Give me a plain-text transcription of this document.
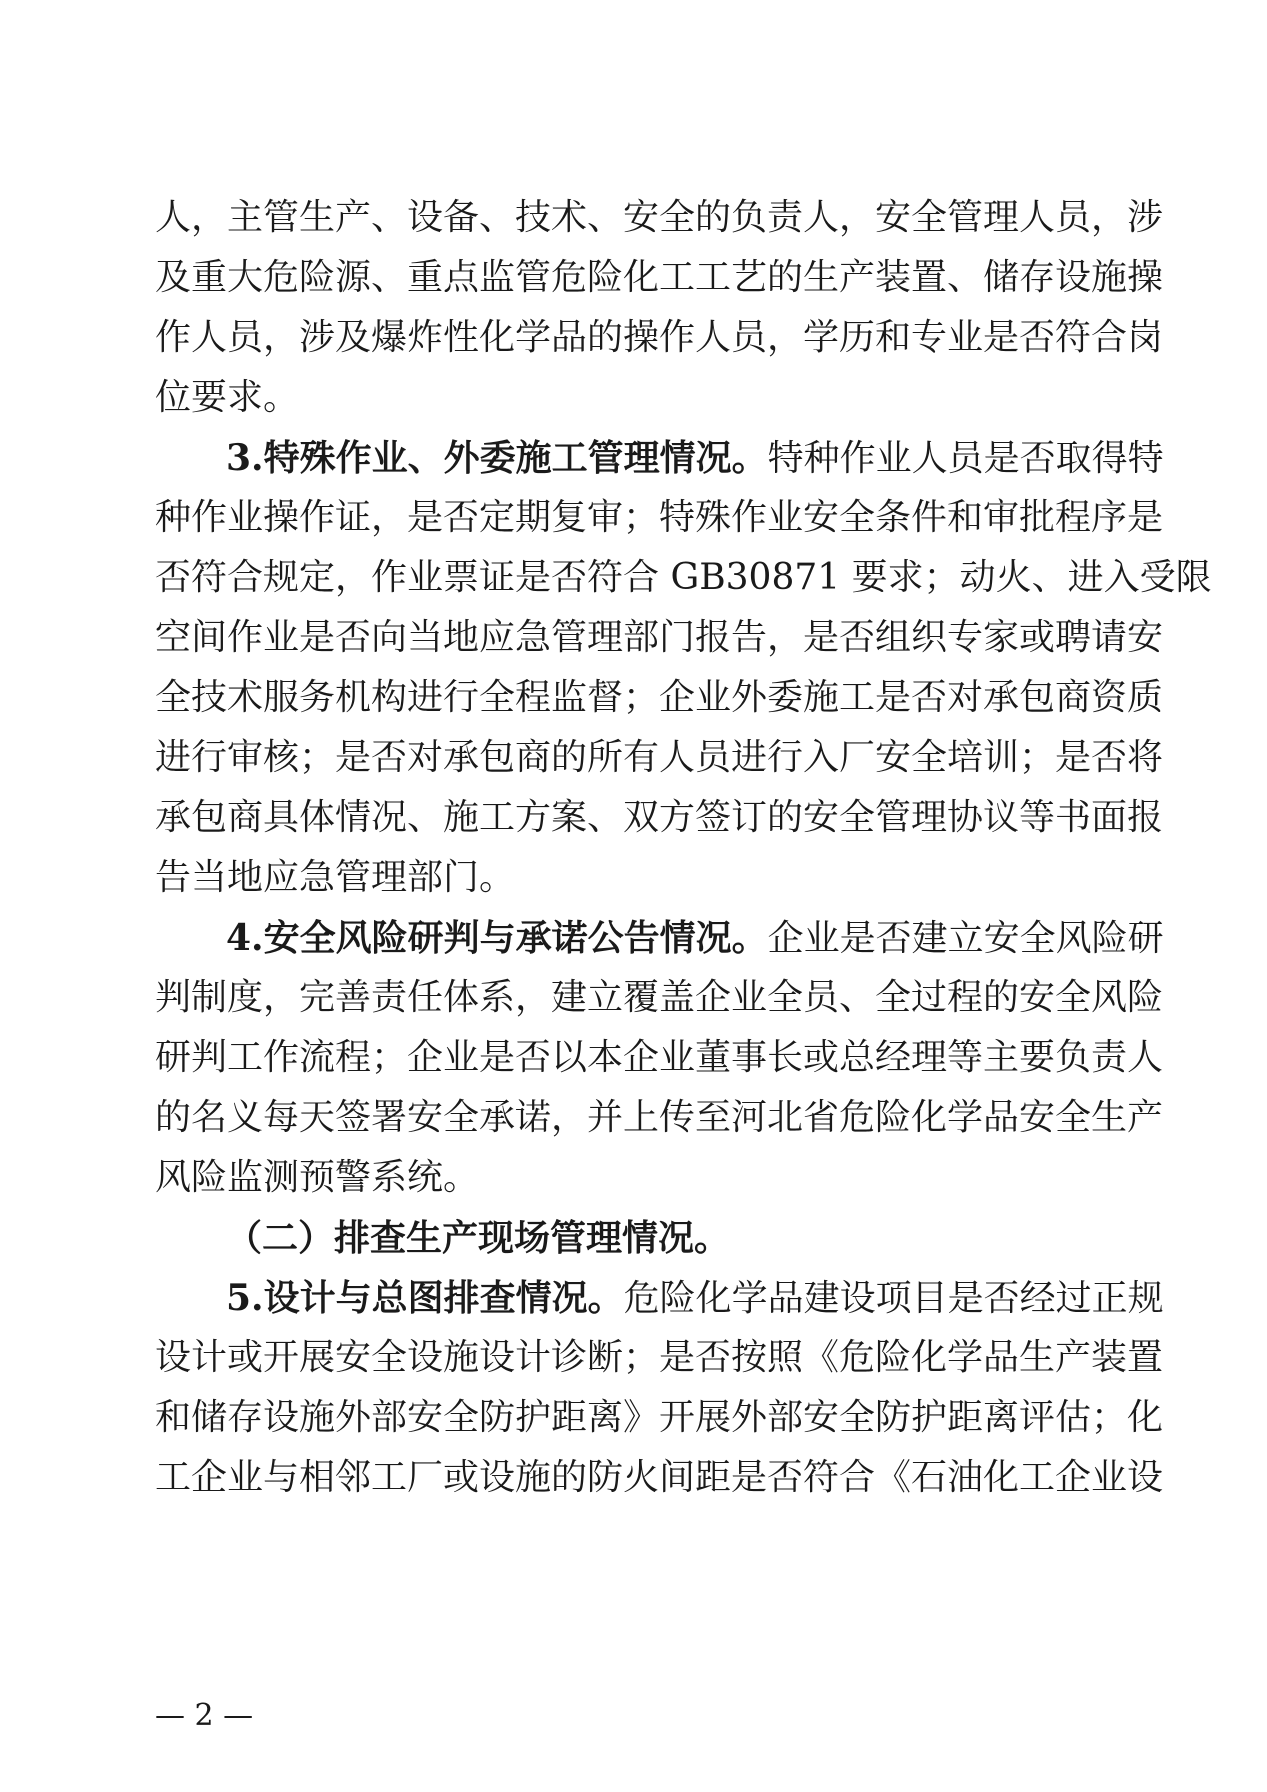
人，主管生产、设备、技术、安全的负责人，安全管理人员，涉
及重大危险源、重点监管危险化工工艺的生产装置、储存设施操
作人员，涉及爆炸性化学品的操作人员，学历和专业是否符合岗
位要求。
3.特殊作业、外委施工管理情况。特种作业人员是否取得特
种作业操作证，是否定期复审；特殊作业安全条件和审批程序是
否符合规定，作业票证是否符合 GB30871 要求；动火、进入受限
空间作业是否向当地应急管理部门报告，是否组织专家或聘请安
全技术服务机构进行全程监督；企业外委施工是否对承包商资质
进行审核；是否对承包商的所有人员进行入厂安全培训；是否将
承包商具体情况、施工方案、双方签订的安全管理协议等书面报
告当地应急管理部门。
4.安全风险研判与承诺公告情况。企业是否建立安全风险研
判制度，完善责任体系，建立覆盖企业全员、全过程的安全风险
研判工作流程；企业是否以本企业董事长或总经理等主要负责人
的名义每天签署安全承诺，并上传至河北省危险化学品安全生产
风险监测预警系统。
（二）排查生产现场管理情况。
5.设计与总图排查情况。危险化学品建设项目是否经过正规
设计或开展安全设施设计诊断；是否按照《危险化学品生产装置
和储存设施外部安全防护距离》开展外部安全防护距离评估；化
工企业与相邻工厂或设施的防火间距是否符合《石油化工企业设
— 2 —
